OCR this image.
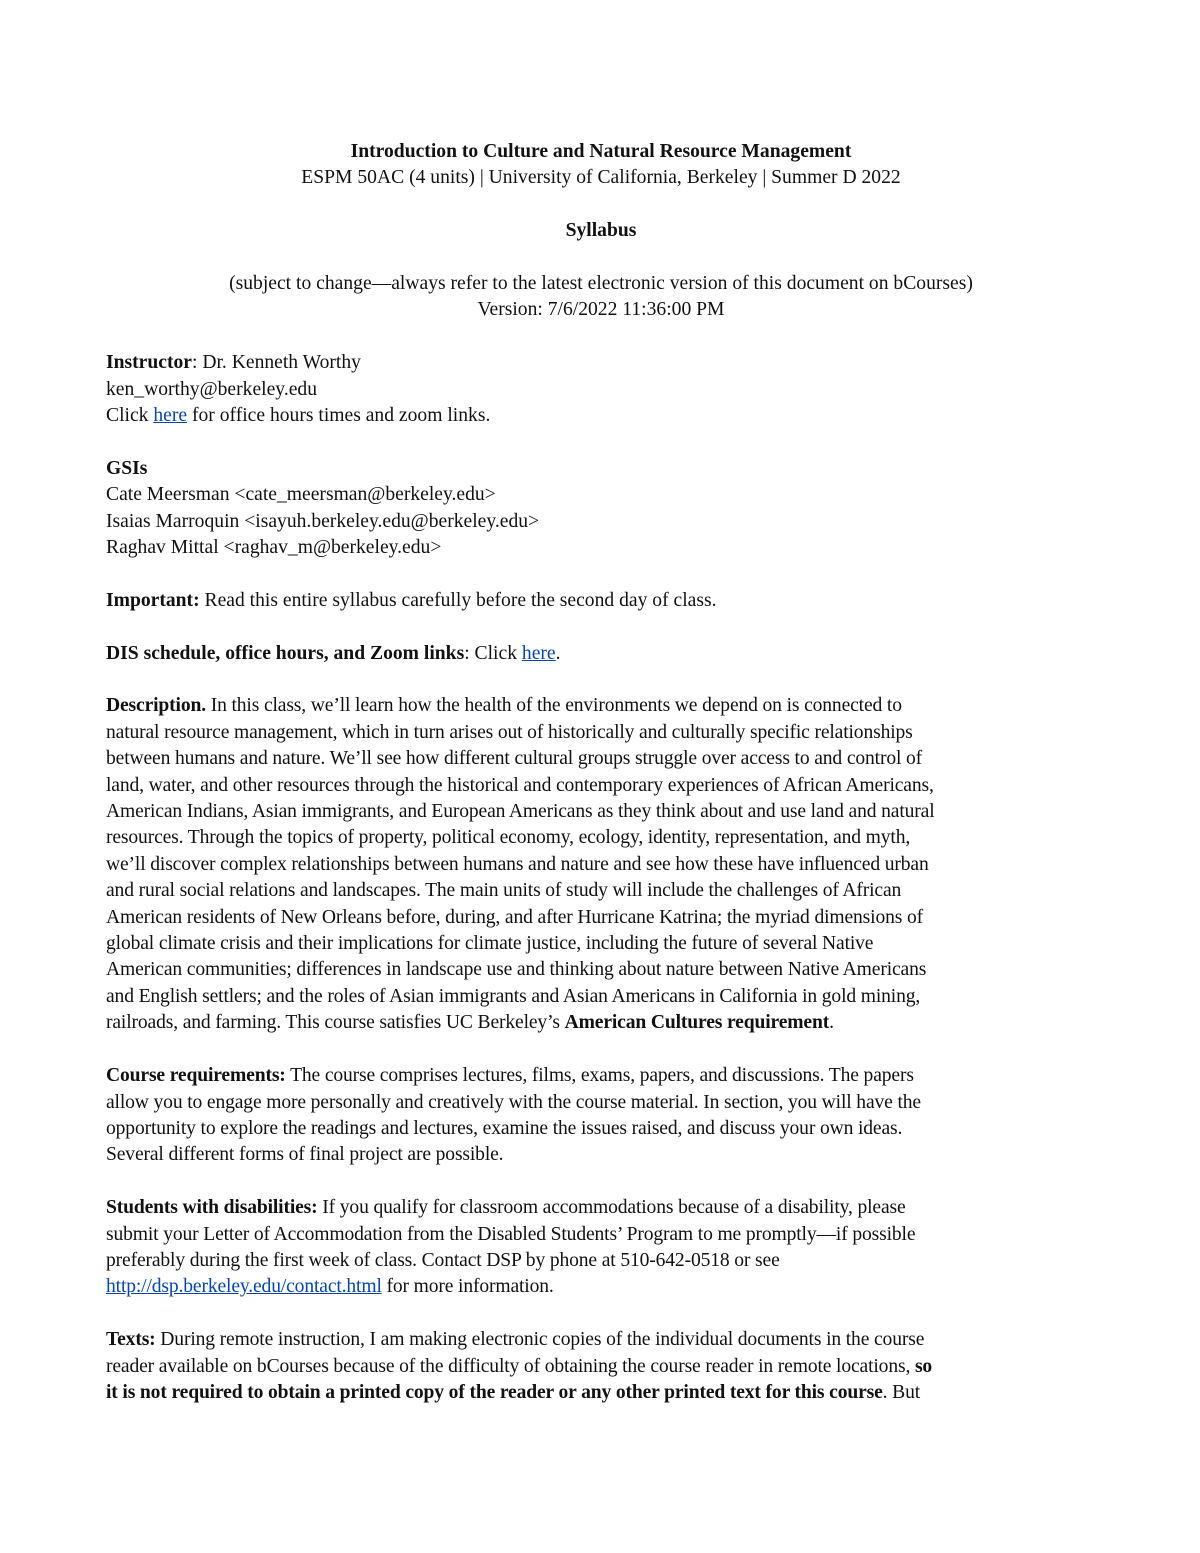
Introduction to Culture and Natural Resource Management

ESPM 50AC (4 units) | University of California, Berkeley | Summer D 2022

Syllabus

(subject to change—always refer to the latest electronic version of this document on bCourses)

Version: 7/6/2022 11:36:00 PM

Instructor: Dr. Kenneth Worthy

ken_worthy@berkeley.edu

Click here for office hours times and zoom links.

GSIs

Cate Meersman <cate_meersman@berkeley.edu>

Isaias Marroquin <isayuh.berkeley.edu@berkeley.edu>

Raghav Mittal <raghav_m@berkeley.edu>

Important: Read this entire syllabus carefully before the second day of class.

DIS schedule, office hours, and Zoom links: Click here.

Description. In this class, we’ll learn how the health of the environments we depend on is connected to
natural resource management, which in turn arises out of historically and culturally specific relationships
between humans and nature. We’ll see how different cultural groups struggle over access to and control of
land, water, and other resources through the historical and contemporary experiences of African Americans,
American Indians, Asian immigrants, and European Americans as they think about and use land and natural
resources. Through the topics of property, political economy, ecology, identity, representation, and myth,
we’ll discover complex relationships between humans and nature and see how these have influenced urban
and rural social relations and landscapes. The main units of study will include the challenges of African
American residents of New Orleans before, during, and after Hurricane Katrina; the myriad dimensions of
global climate crisis and their implications for climate justice, including the future of several Native
American communities; differences in landscape use and thinking about nature between Native Americans
and English settlers; and the roles of Asian immigrants and Asian Americans in California in gold mining,
railroads, and farming. This course satisfies UC Berkeley’s American Cultures requirement.
Course requirements: The course comprises lectures, films, exams, papers, and discussions. The papers
allow you to engage more personally and creatively with the course material. In section, you will have the
opportunity to explore the readings and lectures, examine the issues raised, and discuss your own ideas.
Several different forms of final project are possible.
Students with disabilities: If you qualify for classroom accommodations because of a disability, please
submit your Letter of Accommodation from the Disabled Students’ Program to me promptly—if possible
preferably during the first week of class. Contact DSP by phone at 510-642-0518 or see
http://dsp.berkeley.edu/contact.html for more information.
Texts: During remote instruction, I am making electronic copies of the individual documents in the course
reader available on bCourses because of the difficulty of obtaining the course reader in remote locations, so
it is not required to obtain a printed copy of the reader or any other printed text for this course. But
